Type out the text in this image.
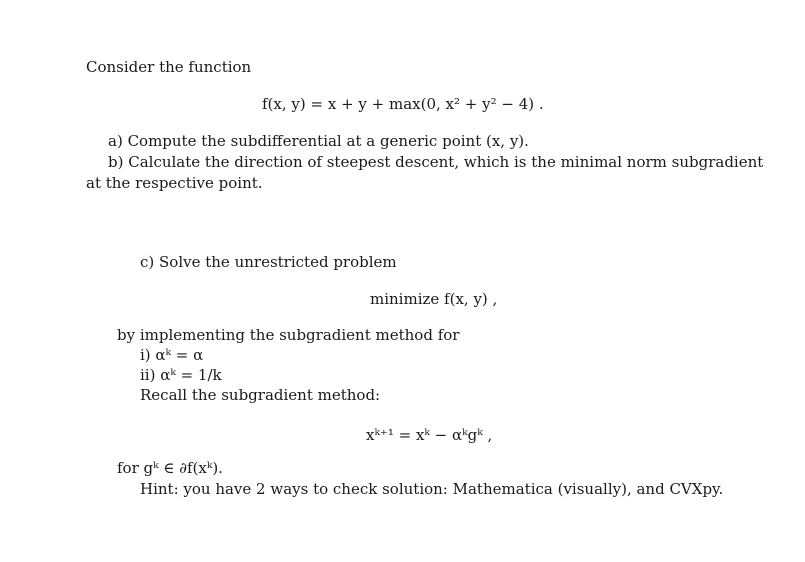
Consider the function
f(x, y) = x + y + max(0, x² + y² − 4) .
a) Compute the subdifferential at a generic point (x, y).
b) Calculate the direction of steepest descent, which is the minimal norm subgradient
at the respective point.
c) Solve the unrestricted problem
minimize f(x, y) ,
by implementing the subgradient method for
i) αᵏ = α
ii) αᵏ = 1/k
Recall the subgradient method:
xᵏ⁺¹ = xᵏ − αᵏgᵏ ,
for gᵏ ∈ ∂f(xᵏ).
Hint: you have 2 ways to check solution: Mathematica (visually), and CVXpy.
